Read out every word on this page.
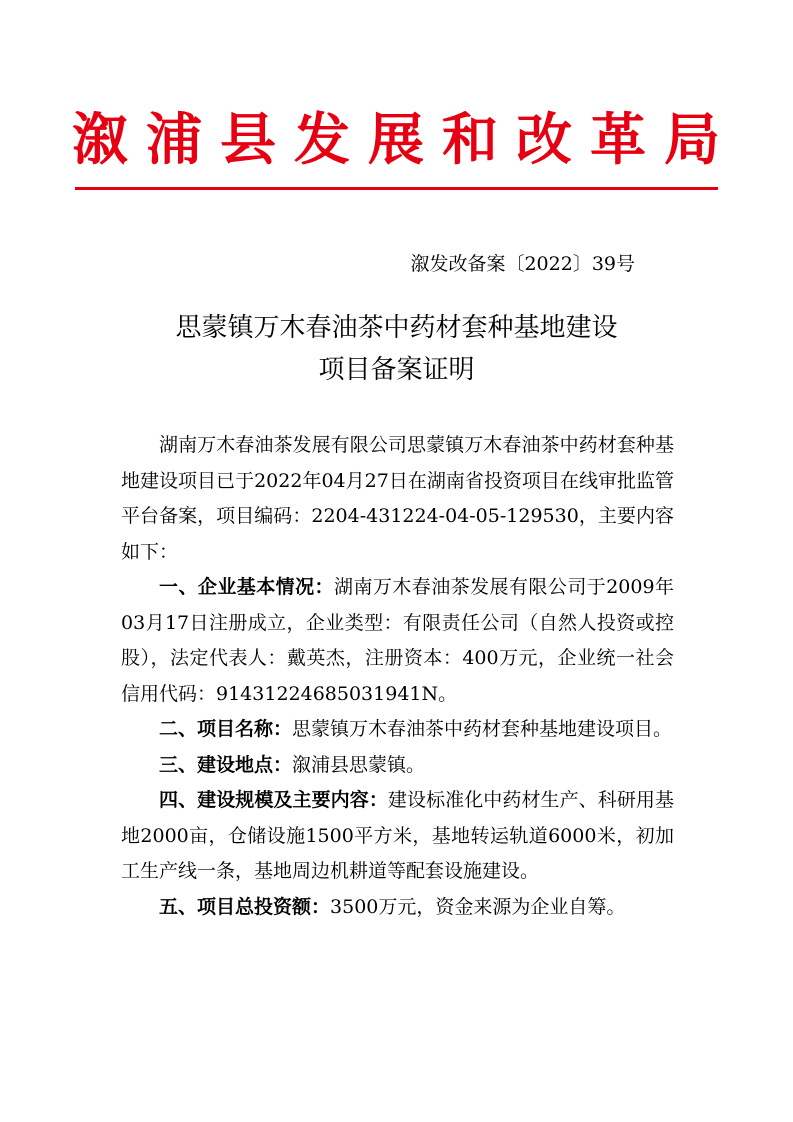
溆浦县发展和改革局
溆发改备案〔2022〕39号
思蒙镇万木春油茶中药材套种基地建设
项目备案证明

湖南万木春油茶发展有限公司思蒙镇万木春油茶中药材套种基地建设项目已于2022年04月27日在湖南省投资项目在线审批监管平台备案，项目编码：2204-431224-04-05-129530，主要内容如下：

一、企业基本情况：湖南万木春油茶发展有限公司于2009年03月17日注册成立，企业类型：有限责任公司（自然人投资或控股），法定代表人：戴英杰，注册资本：400万元，企业统一社会信用代码：91431224685031941N。

二、项目名称：思蒙镇万木春油茶中药材套种基地建设项目。

三、建设地点：溆浦县思蒙镇。

四、建设规模及主要内容：建设标准化中药材生产、科研用基地2000亩，仓储设施1500平方米，基地转运轨道6000米，初加工生产线一条，基地周边机耕道等配套设施建设。

五、项目总投资额：3500万元，资金来源为企业自筹。
